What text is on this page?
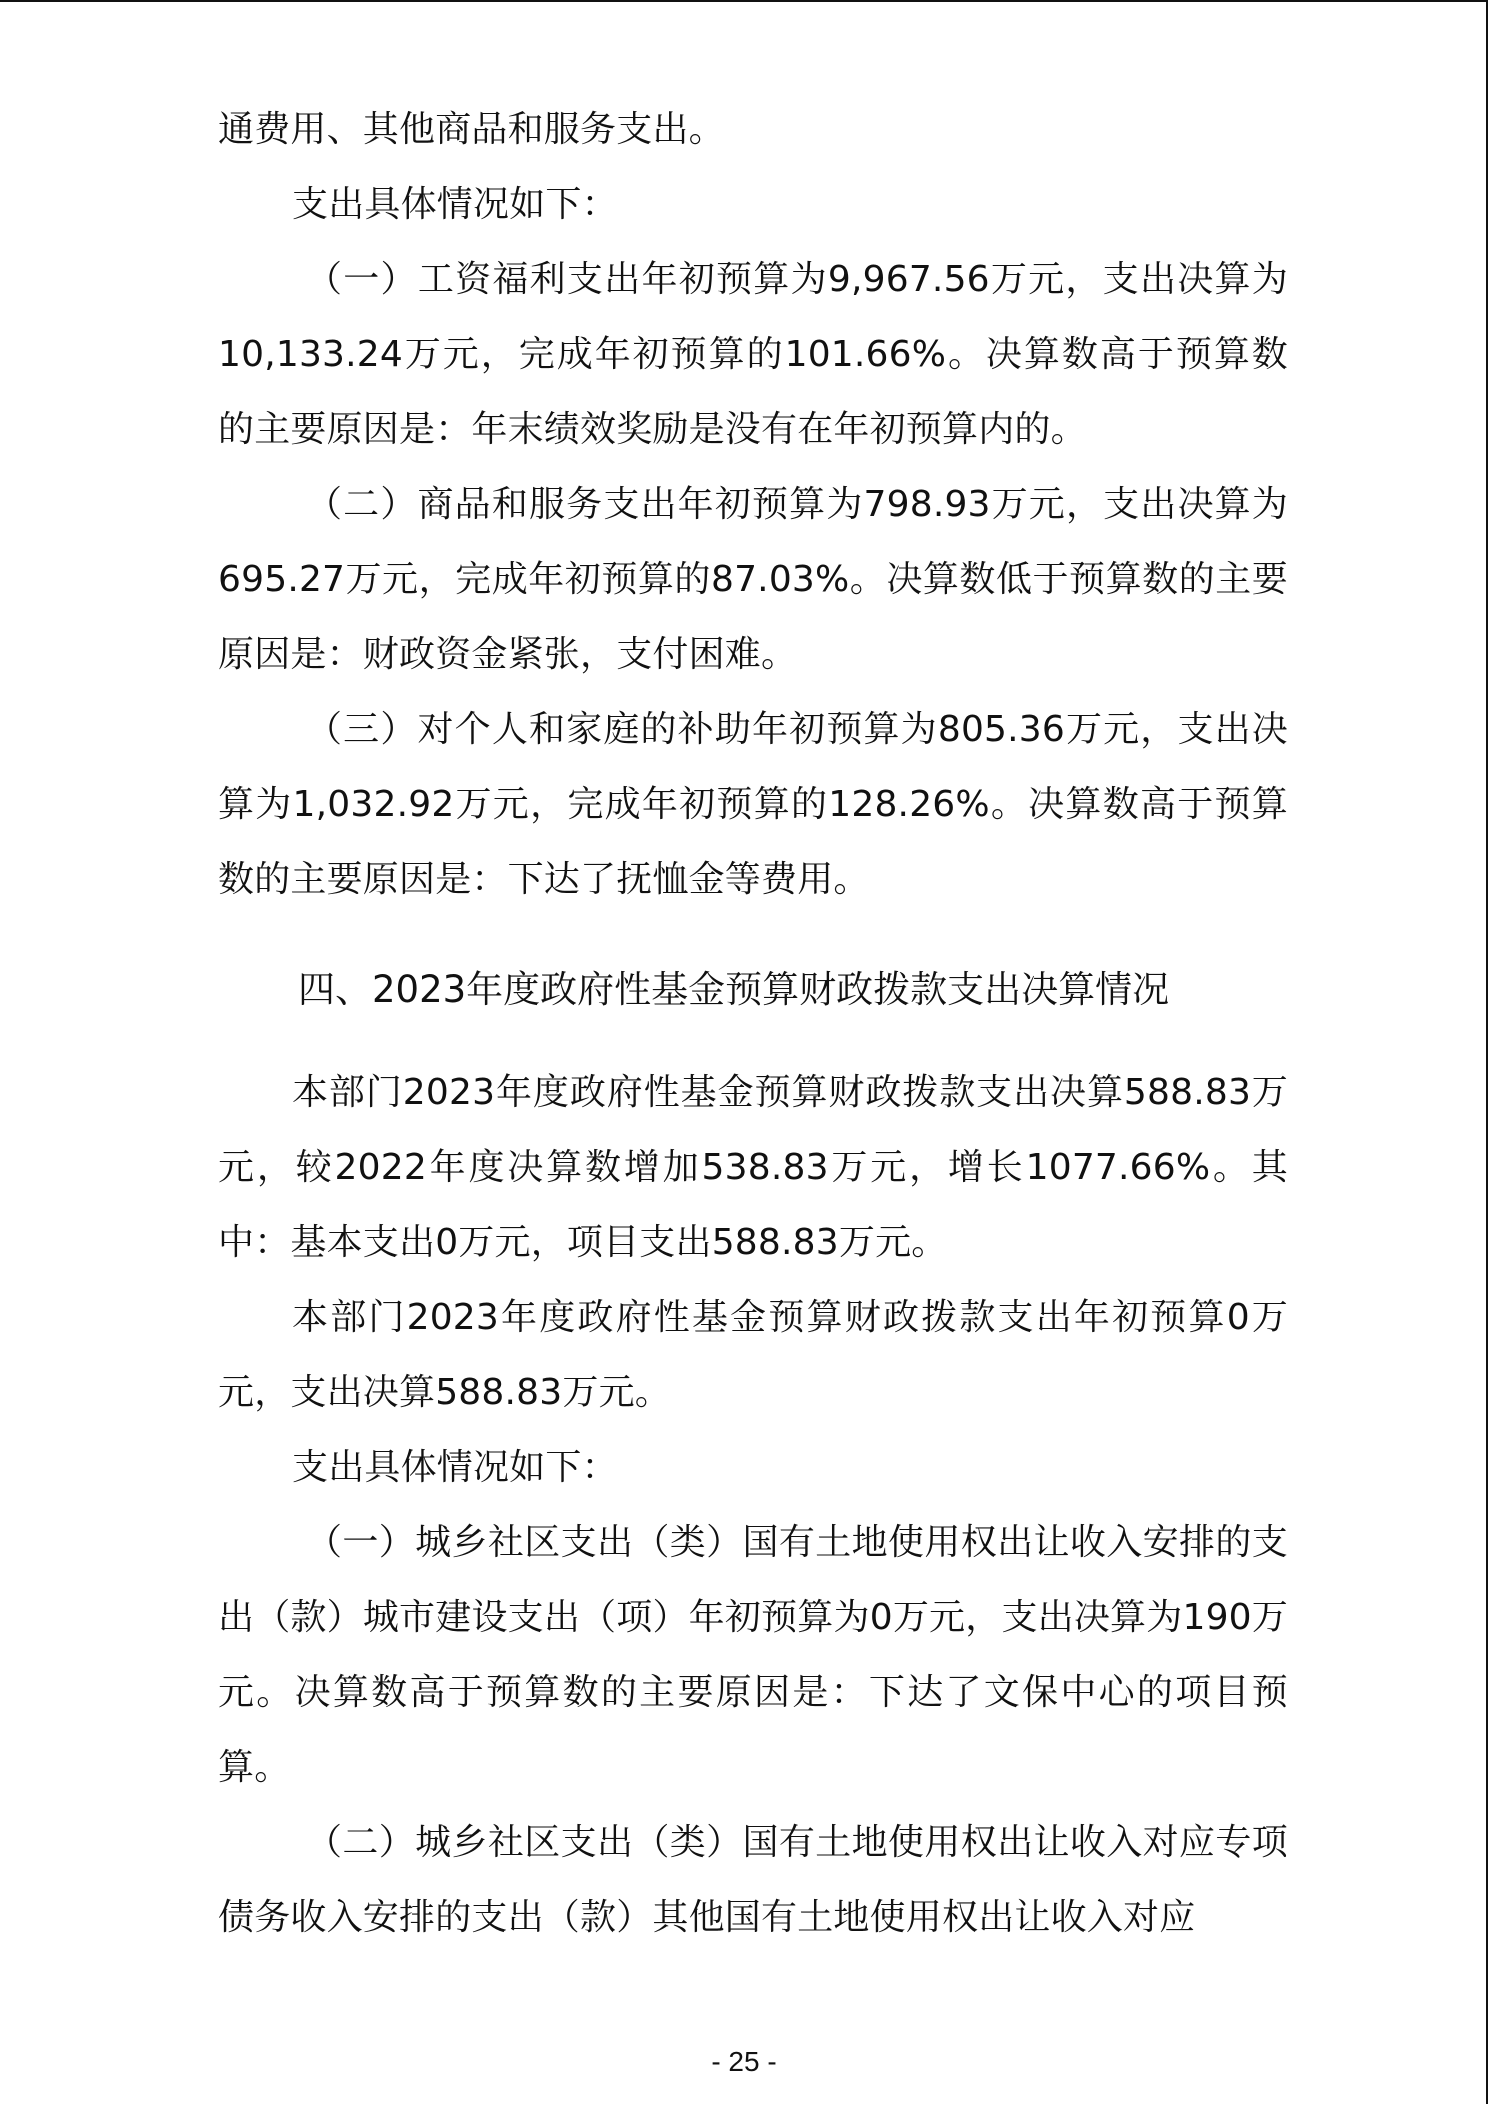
通费用、其他商品和服务支出。

支出具体情况如下：

（一）工资福利支出年初预算为9,967.56万元，支出决算为10,133.24万元，完成年初预算的101.66%。决算数高于预算数的主要原因是：年末绩效奖励是没有在年初预算内的。

（二）商品和服务支出年初预算为798.93万元，支出决算为695.27万元，完成年初预算的87.03%。决算数低于预算数的主要原因是：财政资金紧张，支付困难。

（三）对个人和家庭的补助年初预算为805.36万元，支出决算为1,032.92万元，完成年初预算的128.26%。决算数高于预算数的主要原因是：下达了抚恤金等费用。

四、2023年度政府性基金预算财政拨款支出决算情况

本部门2023年度政府性基金预算财政拨款支出决算588.83万元，较2022年度决算数增加538.83万元，增长1077.66%。其中：基本支出0万元，项目支出588.83万元。

本部门2023年度政府性基金预算财政拨款支出年初预算0万元，支出决算588.83万元。

支出具体情况如下：

（一）城乡社区支出（类）国有土地使用权出让收入安排的支出（款）城市建设支出（项）年初预算为0万元，支出决算为190万元。决算数高于预算数的主要原因是：下达了文保中心的项目预算。

（二）城乡社区支出（类）国有土地使用权出让收入对应专项债务收入安排的支出（款）其他国有土地使用权出让收入对应

- 25 -
